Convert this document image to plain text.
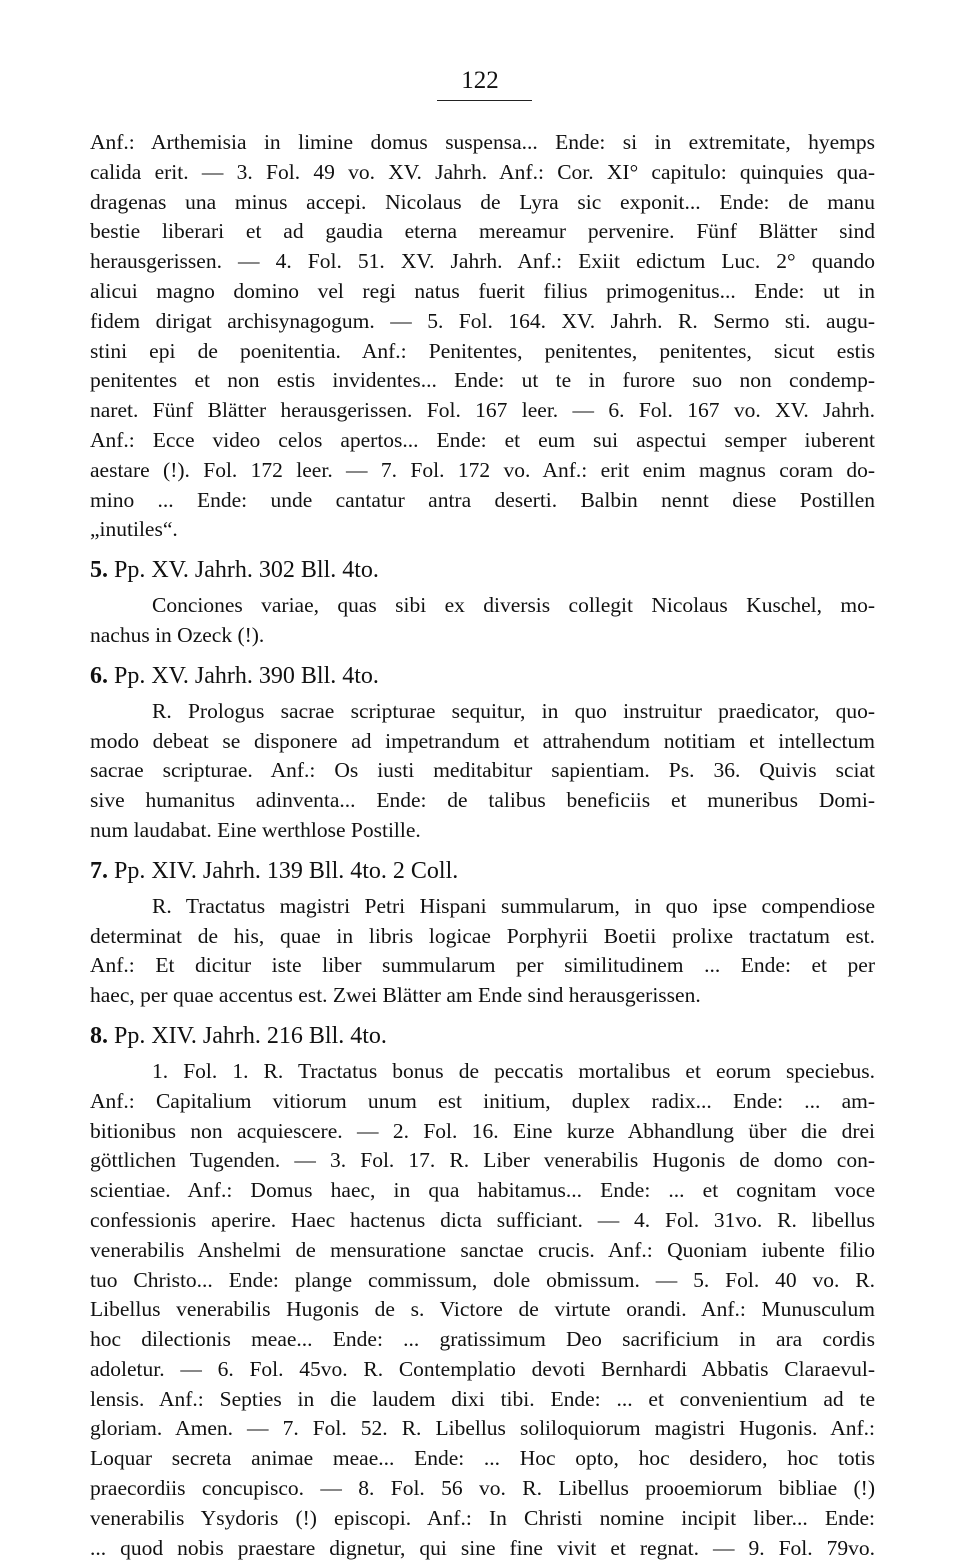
122
Anf.: Arthemisia in limine domus suspensa... Ende: si in extremitate, hyemps
calida erit. — 3. Fol. 49 vo. XV. Jahrh. Anf.: Cor. XI° capitulo: quinquies qua-
dragenas una minus accepi. Nicolaus de Lyra sic exponit... Ende: de manu
bestie liberari et ad gaudia eterna mereamur pervenire. Fünf Blätter sind
herausgerissen. — 4. Fol. 51. XV. Jahrh. Anf.: Exiit edictum Luc. 2° quando
alicui magno domino vel regi natus fuerit filius primogenitus... Ende: ut in
fidem dirigat archisynagogum. — 5. Fol. 164. XV. Jahrh. R. Sermo sti. augu-
stini epi de poenitentia. Anf.: Penitentes, penitentes, penitentes, sicut estis
penitentes et non estis invidentes... Ende: ut te in furore suo non condemp-
naret. Fünf Blätter herausgerissen. Fol. 167 leer. — 6. Fol. 167 vo. XV. Jahrh.
Anf.: Ecce video celos apertos... Ende: et eum sui aspectui semper iuberent
aestare (!). Fol. 172 leer. — 7. Fol. 172 vo. Anf.: erit enim magnus coram do-
mino ... Ende: unde cantatur antra deserti. Balbin nennt diese Postillen
„inutiles“.
5. Pp. XV. Jahrh. 302 Bll. 4to.
Conciones variae, quas sibi ex diversis collegit Nicolaus Kuschel, mo-
nachus in Ozeck (!).
6. Pp. XV. Jahrh. 390 Bll. 4to.
R. Prologus sacrae scripturae sequitur, in quo instruitur praedicator, quo-
modo debeat se disponere ad impetrandum et attrahendum notitiam et intellectum
sacrae scripturae. Anf.: Os iusti meditabitur sapientiam. Ps. 36. Quivis sciat
sive humanitus adinventa... Ende: de talibus beneficiis et muneribus Domi-
num laudabat. Eine werthlose Postille.
7. Pp. XIV. Jahrh. 139 Bll. 4to. 2 Coll.
R. Tractatus magistri Petri Hispani summularum, in quo ipse compendiose
determinat de his, quae in libris logicae Porphyrii Boetii prolixe tractatum est.
Anf.: Et dicitur iste liber summularum per similitudinem ... Ende: et per
haec, per quae accentus est. Zwei Blätter am Ende sind herausgerissen.
8. Pp. XIV. Jahrh. 216 Bll. 4to.
1. Fol. 1. R. Tractatus bonus de peccatis mortalibus et eorum speciebus.
Anf.: Capitalium vitiorum unum est initium, duplex radix... Ende: ... am-
bitionibus non acquiescere. — 2. Fol. 16. Eine kurze Abhandlung über die drei
göttlichen Tugenden. — 3. Fol. 17. R. Liber venerabilis Hugonis de domo con-
scientiae. Anf.: Domus haec, in qua habitamus... Ende: ... et cognitam voce
confessionis aperire. Haec hactenus dicta sufficiant. — 4. Fol. 31vo. R. libellus
venerabilis Anshelmi de mensuratione sanctae crucis. Anf.: Quoniam iubente filio
tuo Christo... Ende: plange commissum, dole obmissum. — 5. Fol. 40 vo. R.
Libellus venerabilis Hugonis de s. Victore de virtute orandi. Anf.: Munusculum
hoc dilectionis meae... Ende: ... gratissimum Deo sacrificium in ara cordis
adoletur. — 6. Fol. 45vo. R. Contemplatio devoti Bernhardi Abbatis Claraevul-
lensis. Anf.: Septies in die laudem dixi tibi. Ende: ... et convenientium ad te
gloriam. Amen. — 7. Fol. 52. R. Libellus soliloquiorum magistri Hugonis. Anf.:
Loquar secreta animae meae... Ende: ... Hoc opto, hoc desidero, hoc totis
praecordiis concupisco. — 8. Fol. 56 vo. R. Libellus prooemiorum bibliae (!)
venerabilis Ysydoris (!) episcopi. Anf.: In Christi nomine incipit liber... Ende:
... quod nobis praestare dignetur, qui sine fine vivit et regnat. — 9. Fol. 79vo.
